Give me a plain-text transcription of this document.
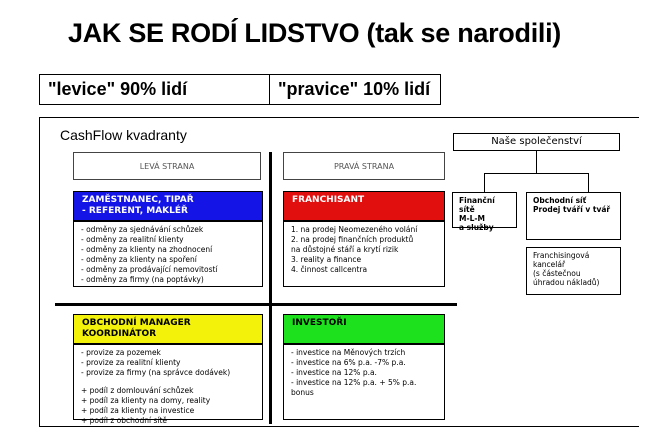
JAK SE RODÍ LIDSTVO (tak se narodili)
"levice" 90% lidí	"pravice" 10% lidí
CashFlow kvadranty
LEVÁ STRANA	PRAVÁ STRANA
ZAMĚSTNANEC, TIPAŘ
- REFERENT, MAKLÉŘ
- odměny za sjednávání schůzek
- odměny za realitní klienty
- odměny za klienty na zhodnocení
- odměny za klienty na spoření
- odměny za prodávající nemovitostí
- odměny za firmy (na poptávky)
FRANCHISANT
1. na prodej Neomezeného volání
2. na prodej finančních produktů
na důstojné stáří a krytí rizik
3. reality a finance
4. činnost callcentra
OBCHODNÍ MANAGER
KOORDINÁTOR
- provize za pozemek
- provize za realitní klienty
- provize za firmy (na správce dodávek)
+ podíl z domlouvání schůzek
+ podíl za klienty na domy, reality
+ podíl za klienty na investice
+ podíl z obchodní sítě
INVESTOŘI
- investice na Měnových trzích
- investice na 6% p.a. -7% p.a.
- investice na 12% p.a.
- investice na 12% p.a. + 5% p.a.
bonus
Naše společenství
Finanční sítě
M-L-M
a služby
Obchodní síť
Prodej tváří v tvář
Franchisingová
kancelář
(s částečnou
úhradou nákladů)
